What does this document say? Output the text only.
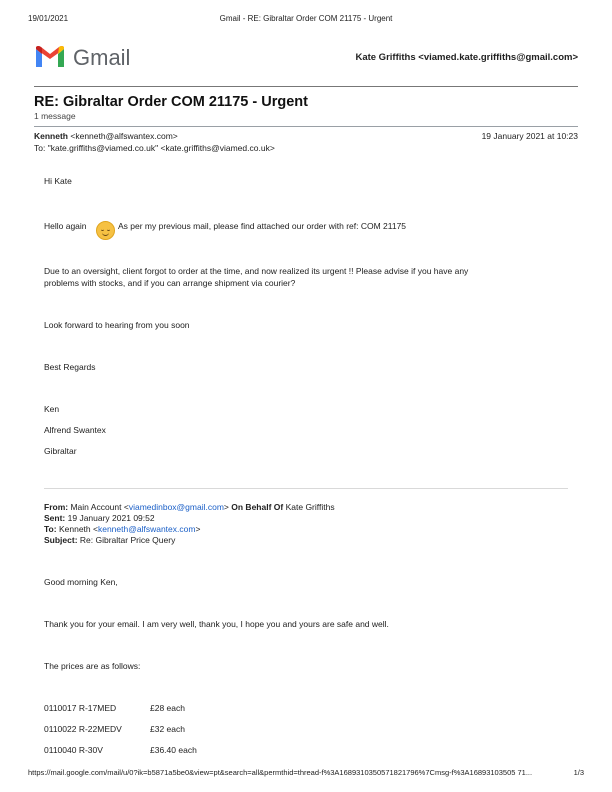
19/01/2021	Gmail - RE: Gibraltar Order COM 21175 - Urgent
Gmail	Kate Griffiths <viamed.kate.griffiths@gmail.com>
RE: Gibraltar Order COM 21175 - Urgent
1 message
Kenneth <kenneth@alfswantex.com>	19 January 2021 at 10:23
To: "kate.griffiths@viamed.co.uk" <kate.griffiths@viamed.co.uk>
Hi Kate
Hello again	As per my previous mail, please find attached our order with ref: COM 21175
Due to an oversight, client forgot to order at the time, and now realized its urgent !! Please advise if you have any
problems with stocks, and if you can arrange shipment via courier?
Look forward to hearing from you soon
Best Regards
Ken
Alfrend Swantex
Gibraltar
From: Main Account <viamedinbox@gmail.com> On Behalf Of Kate Griffiths
Sent: 19 January 2021 09:52
To: Kenneth <kenneth@alfswantex.com>
Subject: Re: Gibraltar Price Query
Good morning Ken,
Thank you for your email. I am very well, thank you, I hope you and yours are safe and well.
The prices are as follows:
0110017 R-17MED	£28 each
0110022 R-22MEDV	£32 each
0110040 R-30V	£36.40 each
https://mail.google.com/mail/u/0?ik=b5871a5be0&view=pt&search=all&permthid=thread-f%3A1689310350571821796%7Cmsg-f%3A16893103505 71...	1/3
